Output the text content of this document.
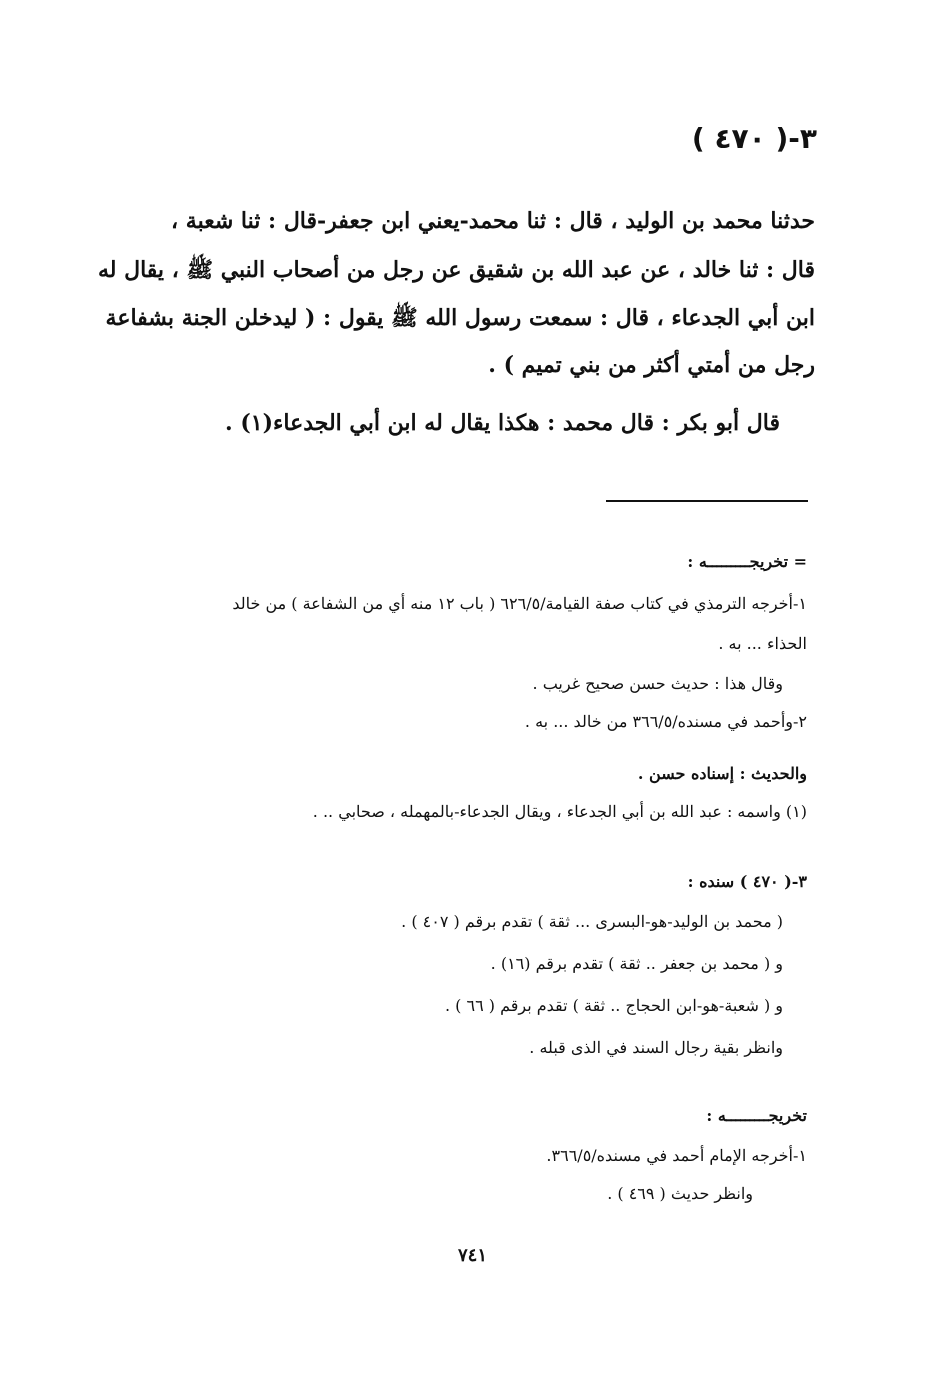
( ٤٧٠ )-٣
حدثنا محمد بن الوليد ، قال : ثنا محمد-يعني ابن جعفر-قال : ثنا شعبة ،
قال : ثنا خالد ، عن عبد الله بن شقيق عن رجل من أصحاب النبي ﷺ ، يقال له
ابن أبي الجدعاء ، قال : سمعت رسول الله ﷺ يقول : ( ليدخلن الجنة بشفاعة
رجل من أمتي أكثر من بني تميم ) .
قال أبو بكر : قال محمد : هكذا يقال له ابن أبي الجدعاء(١) .
= تخريجـــــــــه :
١-أخرجه الترمذي في كتاب صفة القيامة/٦٢٦/٥ ( باب ١٢ منه أي من الشفاعة ) من خالد
الحذاء ... به .
وقال هذا : حديث حسن صحيح غريب .
٢-وأحمد في مسنده/٣٦٦/٥ من خالد ... به .
والحديث : إسناده حسن .
(١) واسمه : عبد الله بن أبي الجدعاء ، ويقال الجدعاء-بالمهمله ، صحابي .. .
٣-( ٤٧٠ ) سنده :
( محمد بن الوليد-هو-البسرى ... ثقة ) تقدم برقم ( ٤٠٧ ) .
و ( محمد بن جعفر .. ثقة ) تقدم برقم (١٦) .
و ( شعبة-هو-ابن الحجاج .. ثقة ) تقدم برقم ( ٦٦ ) .
وانظر بقية رجال السند في الذى قبله .
تخريجـــــــــه :
١-أخرجه الإمام أحمد في مسنده/٣٦٦/٥.
وانظر حديث ( ٤٦٩ ) .
٧٤١
